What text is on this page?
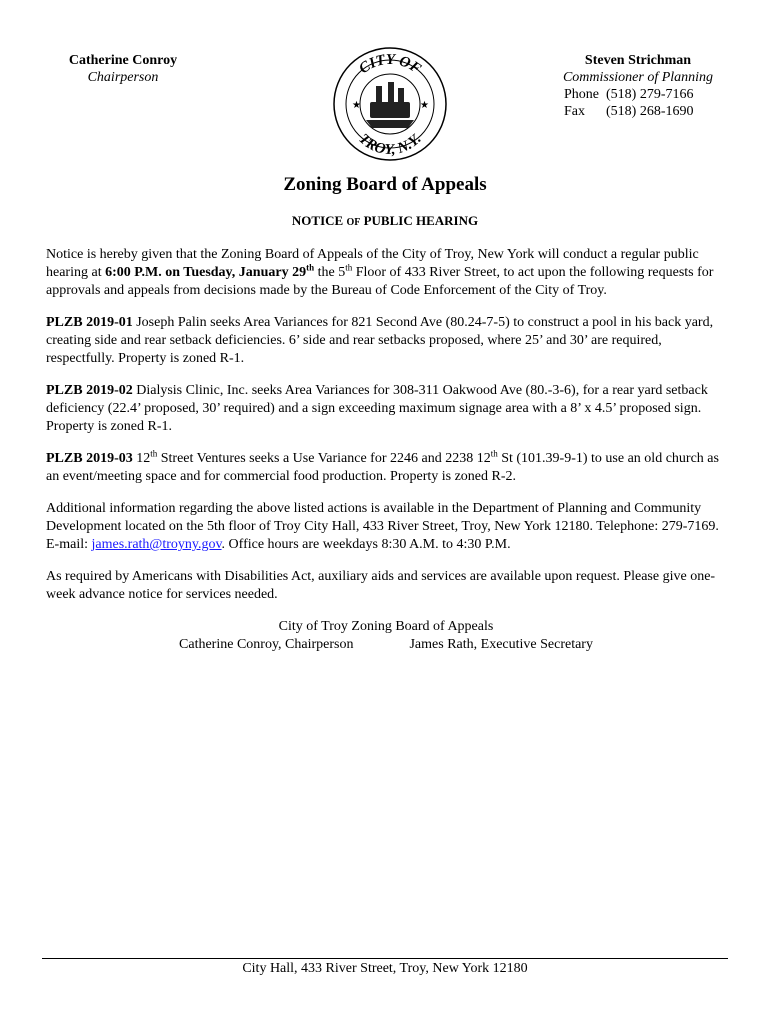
Catherine Conroy
Chairperson
CITY OF
TROY, N.Y.
★	★
Steven Strichman
Commissioner of Planning
Phone  (518) 279-7166
Fax      (518) 268-1690
Zoning Board of Appeals
NOTICE OF PUBLIC HEARING

Notice is hereby given that the Zoning Board of Appeals of the City of Troy, New York will conduct a regular public hearing at 6:00 P.M. on Tuesday, January 29th the 5th Floor of 433 River Street, to act upon the following requests for approvals and appeals from decisions made by the Bureau of Code Enforcement of the City of Troy.

PLZB 2019-01 Joseph Palin seeks Area Variances for 821 Second Ave (80.24-7-5) to construct a pool in his back yard, creating side and rear setback deficiencies. 6’ side and rear setbacks proposed, where 25’ and 30’ are required, respectfully. Property is zoned R-1.

PLZB 2019-02 Dialysis Clinic, Inc. seeks Area Variances for 308-311 Oakwood Ave (80.-3-6), for a rear yard setback deficiency (22.4’ proposed, 30’ required) and a sign exceeding maximum signage area with a 8’ x 4.5’ proposed sign. Property is zoned R-1.

PLZB 2019-03 12th Street Ventures seeks a Use Variance for 2246 and 2238 12th St (101.39-9-1) to use an old church as an event/meeting space and for commercial food production. Property is zoned R-2.

Additional information regarding the above listed actions is available in the Department of Planning and Community Development located on the 5th floor of Troy City Hall, 433 River Street, Troy, New York 12180. Telephone: 279-7169. E-mail: james.rath@troyny.gov. Office hours are weekdays 8:30 A.M. to 4:30 P.M.

As required by Americans with Disabilities Act, auxiliary aids and services are available upon request. Please give one-week advance notice for services needed.

City of Troy Zoning Board of Appeals
Catherine Conroy, Chairperson	James Rath, Executive Secretary
City Hall, 433 River Street, Troy, New York 12180
